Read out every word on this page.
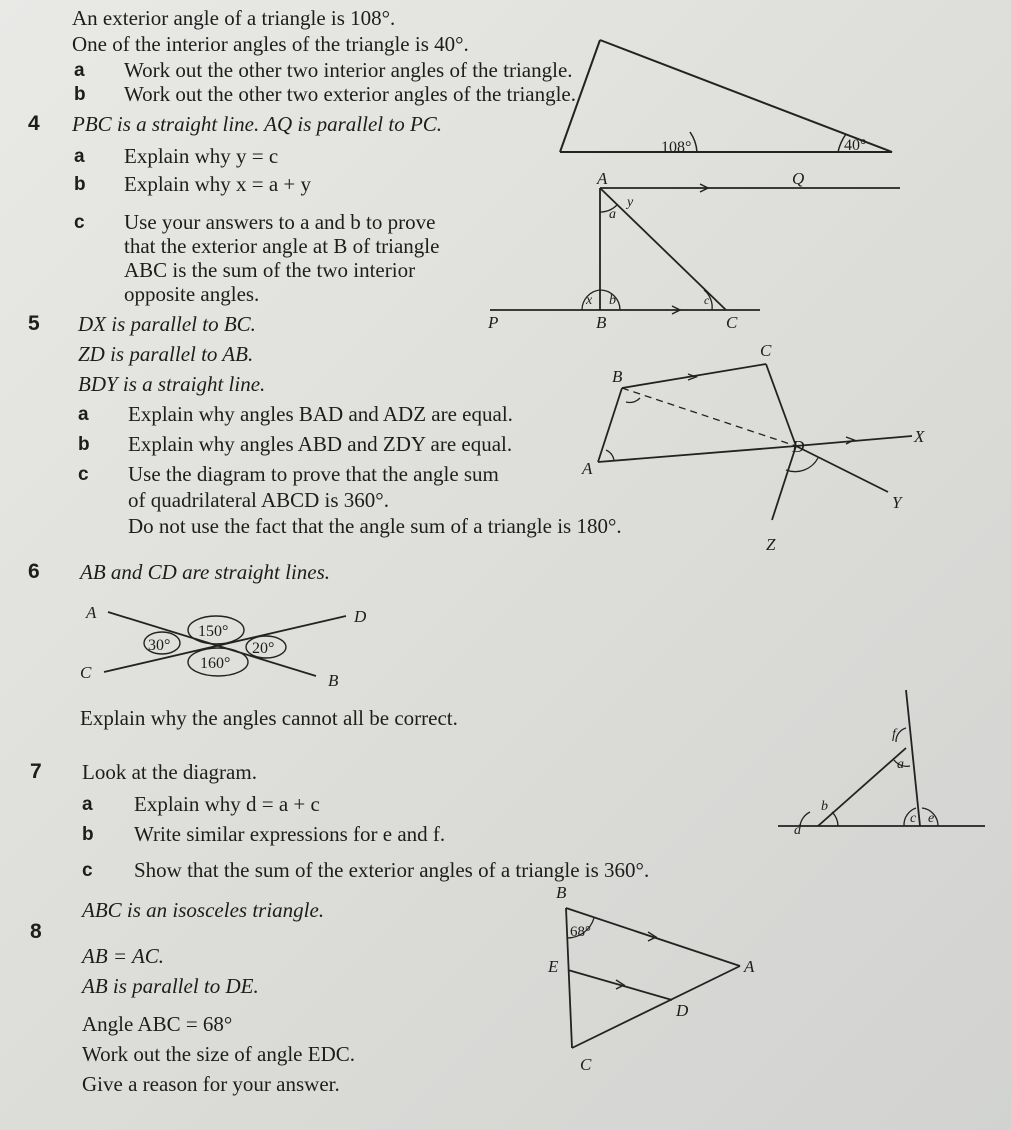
An exterior angle of a triangle is 108°.
One of the interior angles of the triangle is 40°.
a Work out the other two interior angles of the triangle.
b Work out the other two exterior angles of the triangle.
108°	40°
4 PBC is a straight line. AQ is parallel to PC.
a Explain why y = c
b Explain why x = a + y
c Use your answers to a and b to prove
that the exterior angle at B of triangle
ABC is the sum of the two interior
opposite angles.
A	Q
P	B	C
a
y
x b	c
5 DX is parallel to BC.
ZD is parallel to AB.
BDY is a straight line.
a Explain why angles BAD and ADZ are equal.
b Explain why angles ABD and ZDY are equal.
c Use the diagram to prove that the angle sum
of quadrilateral ABCD is 360°.
Do not use the fact that the angle sum of a triangle is 180°.
B
C
A
D
X
Y
Z
6 AB and CD are straight lines.
A	D
C	B
150°
30°	20°
160°
Explain why the angles cannot all be correct.
7 Look at the diagram.
a Explain why d = a + c
b Write similar expressions for e and f.
c Show that the sum of the exterior angles of a triangle is 360°.
f
a
b
d
c e
8
ABC is an isosceles triangle.
AB = AC.
AB is parallel to DE.
Angle ABC = 68°
Work out the size of angle EDC.
Give a reason for your answer.
B
E	A
D
C
68°
